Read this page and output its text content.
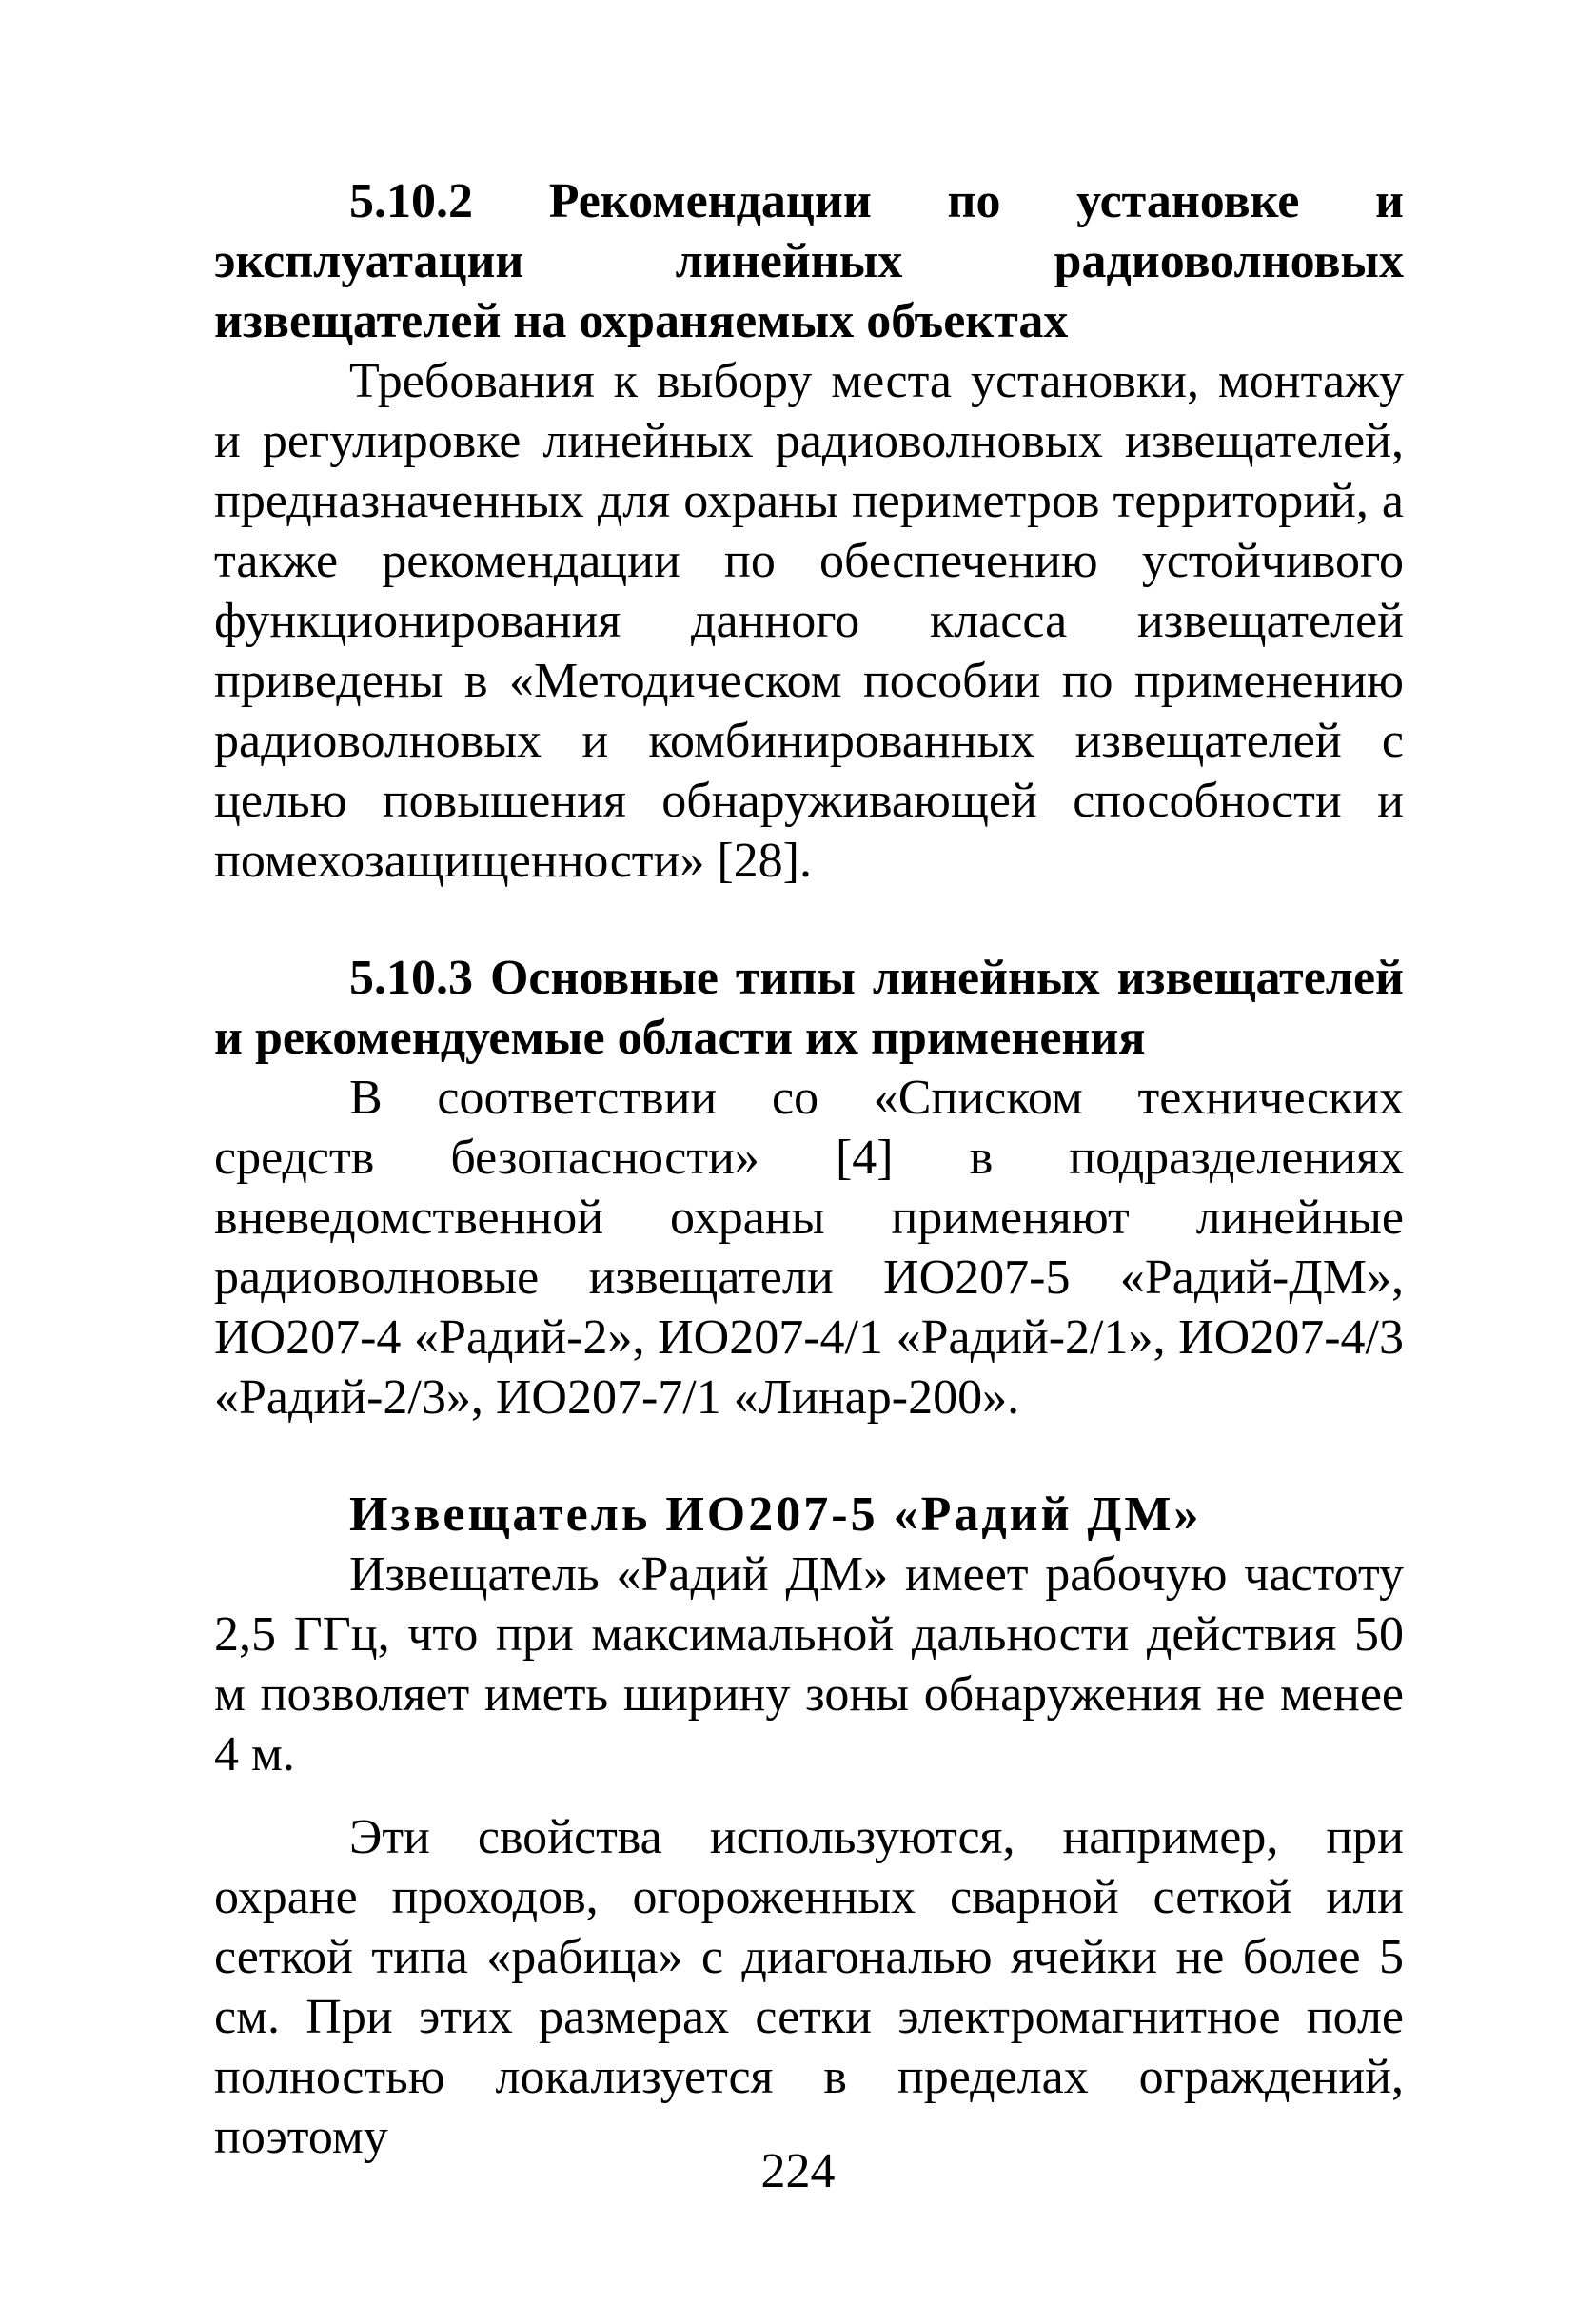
5.10.2 Рекомендации по установке и эксплуатации линейных радиоволновых извещателей на охраняемых объектах

Требования к выбору места установки, монтажу и регулировке линейных радиоволновых извещателей, предназначенных для охраны периметров территорий, а также рекомендации по обеспечению устойчивого функционирования данного класса извещателей приведены в «Методическом пособии по применению радиоволновых и комбинированных извещателей с целью повышения обнаруживающей способности и помехозащищенности» [28].

5.10.3 Основные типы линейных извещателей и рекомендуемые области их применения

В соответствии со «Списком технических средств безопасности» [4] в подразделениях вневедомственной охраны применяют линейные радиоволновые извещатели ИО207-5 «Радий-ДМ», ИО207-4 «Радий-2», ИО207-4/1 «Радий-2/1», ИО207-4/3 «Радий-2/3», ИО207-7/1 «Линар-200».

Извещатель ИО207-5 «Радий ДМ»

Извещатель «Радий ДМ» имеет рабочую частоту 2,5 ГГц, что при максимальной дальности действия 50 м позволяет иметь ширину зоны обнаружения не менее 4 м.

Эти свойства используются, например, при охране проходов, огороженных сварной сеткой или сеткой типа «рабица» с диагональю ячейки не более 5 см. При этих размерах сетки электромагнитное поле полностью локализуется в пределах ограждений, поэтому

224
